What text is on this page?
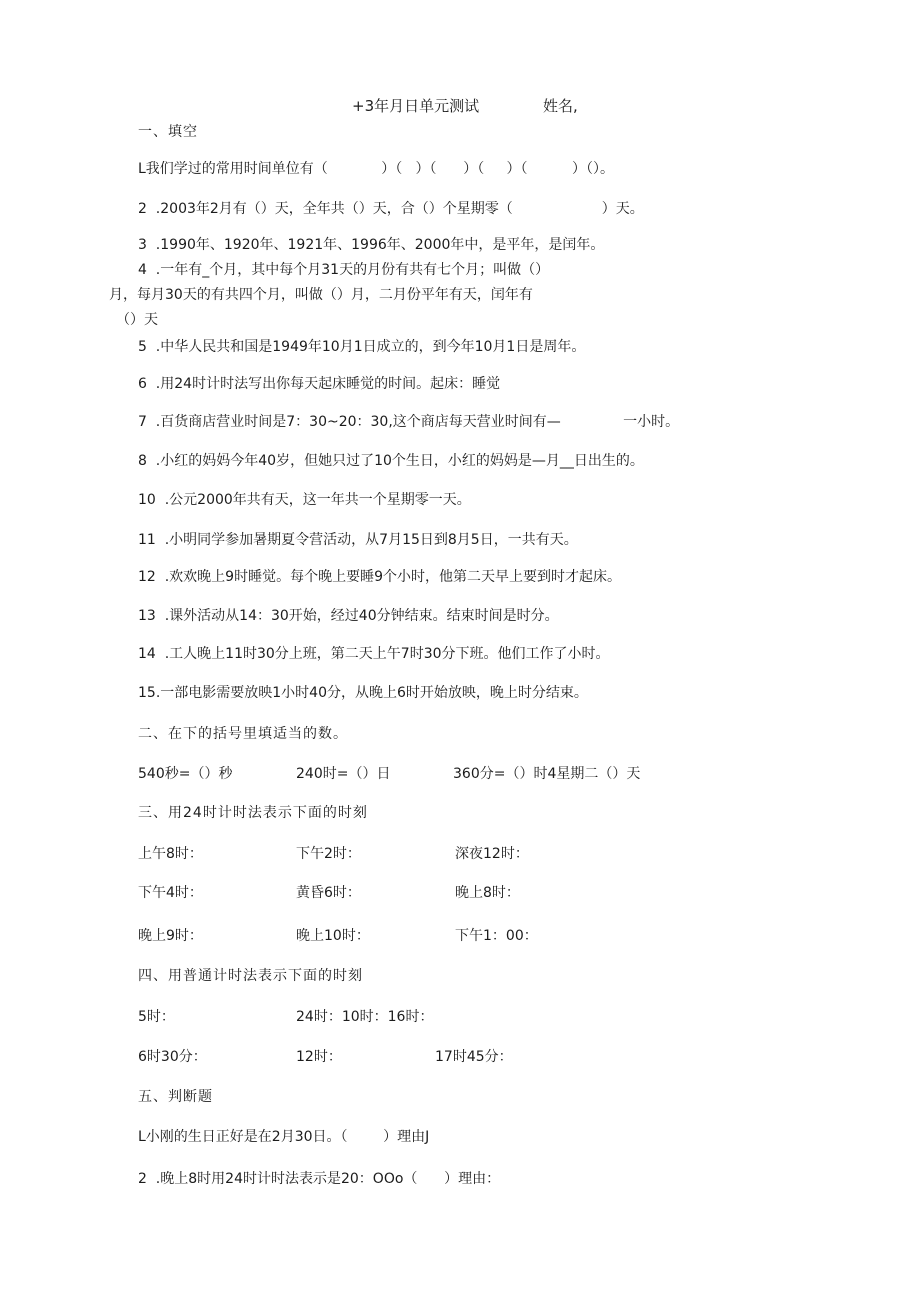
+3年月日单元测试	姓名,
一、填空
L我们学过的常用时间单位有（            ）（   ）（      ）（     ）（          ）（）。
2  .2003年2月有（）天，全年共（）天，合（）个星期零（                    ）天。
3  .1990年、1920年、1921年、1996年、2000年中，是平年，是闰年。
4  .一年有_个月，其中每个月31天的月份有共有七个月；叫做（）
月，每月30天的有共四个月，叫做（）月，二月份平年有天，闰年有
（）天
5  .中华人民共和国是1949年10月1日成立的，到今年10月1日是周年。
6  .用24时计时法写出你每天起床睡觉的时间。起床：睡觉
7  .百货商店营业时间是7：30~20：30,这个商店每天营业时间有—              一小时。
8  .小红的妈妈今年40岁，但她只过了10个生日，小红的妈妈是—月__日出生的。
10  .公元2000年共有天，这一年共一个星期零一天。
11  .小明同学参加暑期夏令营活动，从7月15日到8月5日，一共有天。
12  .欢欢晚上9时睡觉。每个晚上要睡9个小时，他第二天早上要到时才起床。
13  .课外活动从14：30开始，经过40分钟结束。结束时间是时分。
14  .工人晚上11时30分上班，第二天上午7时30分下班。他们工作了小时。
15.一部电影需要放映1小时40分，从晚上6时开始放映，晚上时分结束。
二、在下的括号里填适当的数。
540秒=（）秒	240时=（）日	360分=（）时4星期二（）天
三、用24时计时法表示下面的时刻
上午8时：	下午2时：	深夜12时：
下午4时：	黄昏6时：	晚上8时：
晚上9时：	晚上10时：	下午1：00：
四、用普通计时法表示下面的时刻
5时：	24时：10时：16时：
6时30分：	12时：	17时45分：
五、判断题
L小刚的生日正好是在2月30日。（        ）理由J
2  .晚上8时用24时计时法表示是20：OOo（      ）理由：
